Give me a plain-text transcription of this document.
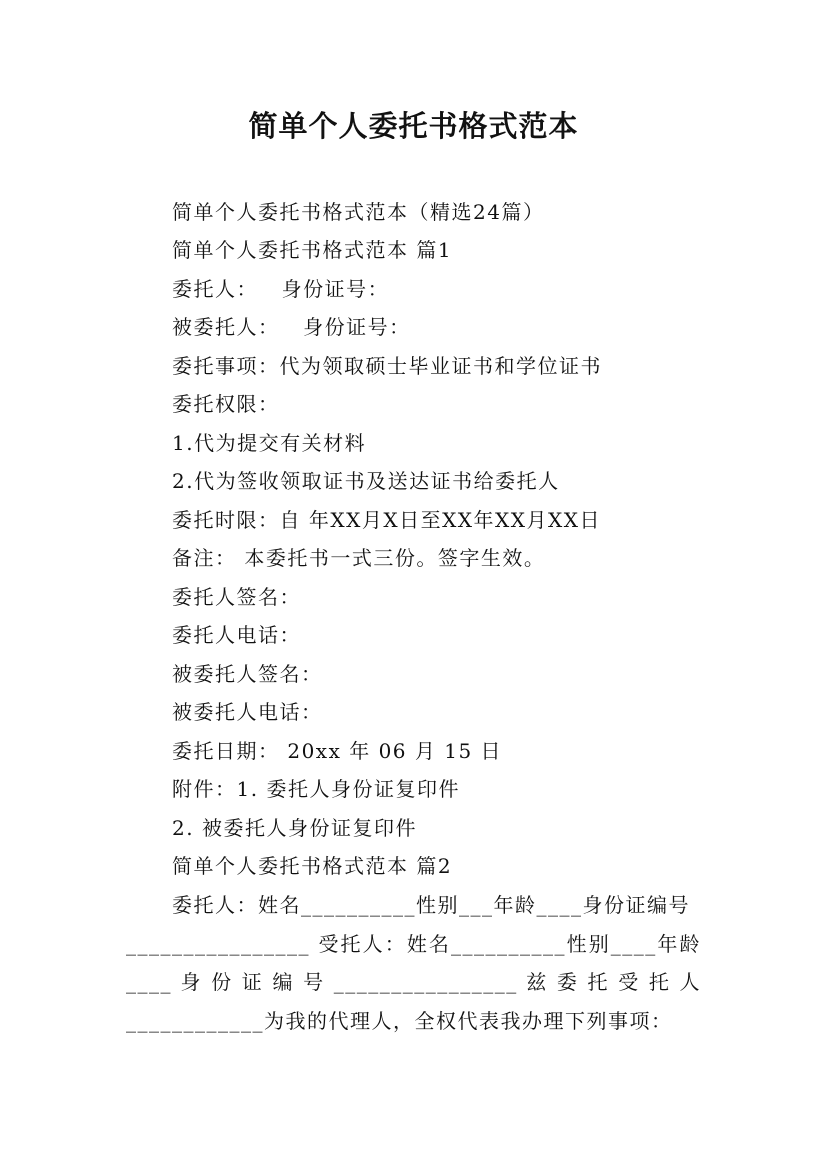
简单个人委托书格式范本
简单个人委托书格式范本（精选24篇）
简单个人委托书格式范本 篇1
委托人：   身份证号：
被委托人：   身份证号：
委托事项：代为领取硕士毕业证书和学位证书
委托权限：
1.代为提交有关材料
2.代为签收领取证书及送达证书给委托人
委托时限：自 年XX月X日至XX年XX月XX日
备注： 本委托书一式三份。签字生效。
委托人签名：
委托人电话：
被委托人签名：
被委托人电话：
委托日期： 20xx 年 06 月 15 日
附件：1. 委托人身份证复印件
2. 被委托人身份证复印件
简单个人委托书格式范本 篇2
委托人：姓名__________性别___年龄____身份证编号
________________ 受托人：姓名__________性别____年龄
____ 身 份 证 编 号 ________________ 兹 委 托 受 托 人
____________为我的代理人，全权代表我办理下列事项：
